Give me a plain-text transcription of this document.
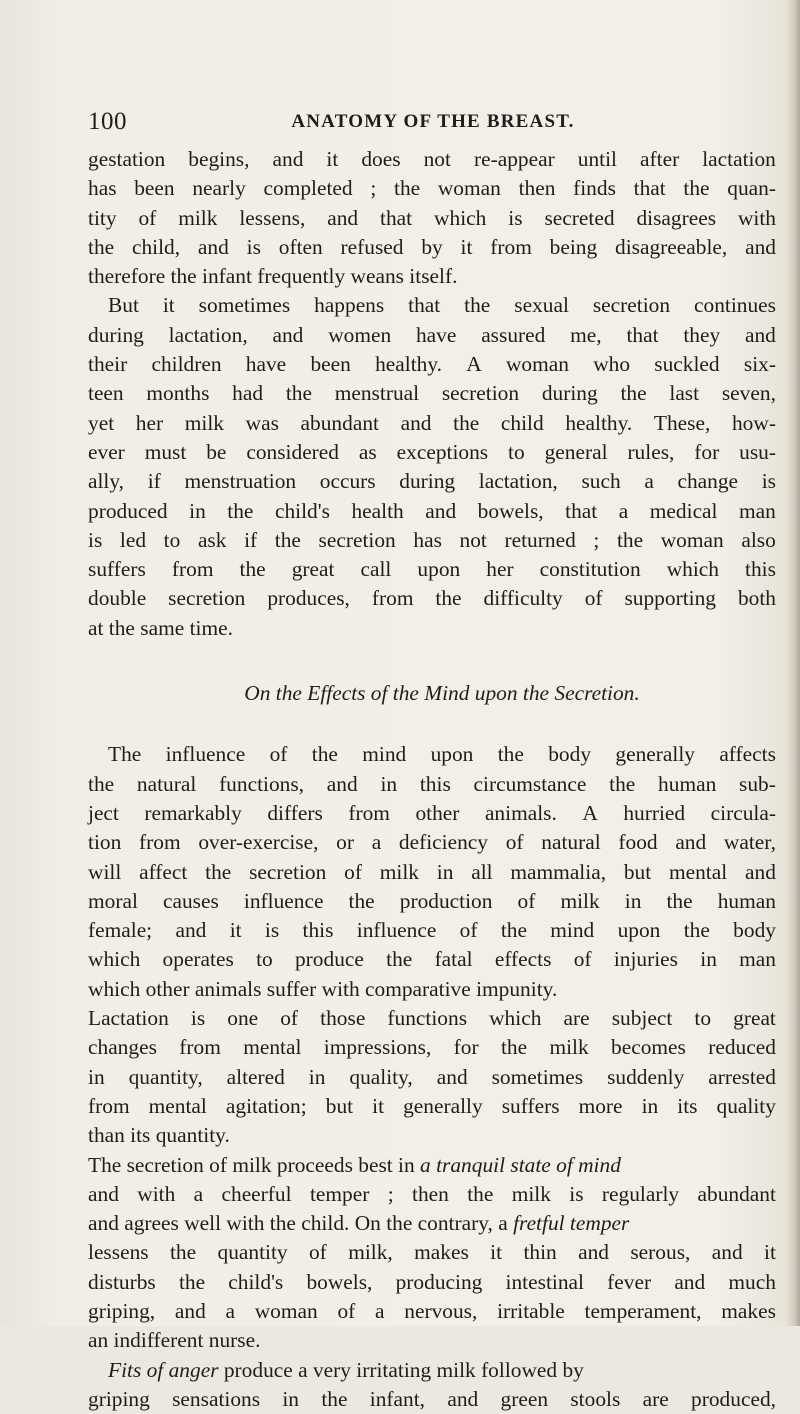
100	ANATOMY OF THE BREAST.
gestation begins, and it does not re-appear until after lactation
has been nearly completed ; the woman then finds that the quan-
tity of milk lessens, and that which is secreted disagrees with
the child, and is often refused by it from being disagreeable, and
therefore the infant frequently weans itself.
But it sometimes happens that the sexual secretion continues
during lactation, and women have assured me, that they and
their children have been healthy. A woman who suckled six-
teen months had the menstrual secretion during the last seven,
yet her milk was abundant and the child healthy. These, how-
ever must be considered as exceptions to general rules, for usu-
ally, if menstruation occurs during lactation, such a change is
produced in the child's health and bowels, that a medical man
is led to ask if the secretion has not returned ; the woman also
suffers from the great call upon her constitution which this
double secretion produces, from the difficulty of supporting both
at the same time.
On the Effects of the Mind upon the Secretion.
The influence of the mind upon the body generally affects
the natural functions, and in this circumstance the human sub-
ject remarkably differs from other animals. A hurried circula-
tion from over-exercise, or a deficiency of natural food and water,
will affect the secretion of milk in all mammalia, but mental and
moral causes influence the production of milk in the human
female; and it is this influence of the mind upon the body
which operates to produce the fatal effects of injuries in man
which other animals suffer with comparative impunity.
Lactation is one of those functions which are subject to great
changes from mental impressions, for the milk becomes reduced
in quantity, altered in quality, and sometimes suddenly arrested
from mental agitation; but it generally suffers more in its quality
than its quantity.
The secretion of milk proceeds best in a tranquil state of mind
and with a cheerful temper ; then the milk is regularly abundant
and agrees well with the child. On the contrary, a fretful temper
lessens the quantity of milk, makes it thin and serous, and it
disturbs the child's bowels, producing intestinal fever and much
griping, and a woman of a nervous, irritable temperament, makes
an indifferent nurse.
Fits of anger produce a very irritating milk followed by
griping sensations in the infant, and green stools are produced,
